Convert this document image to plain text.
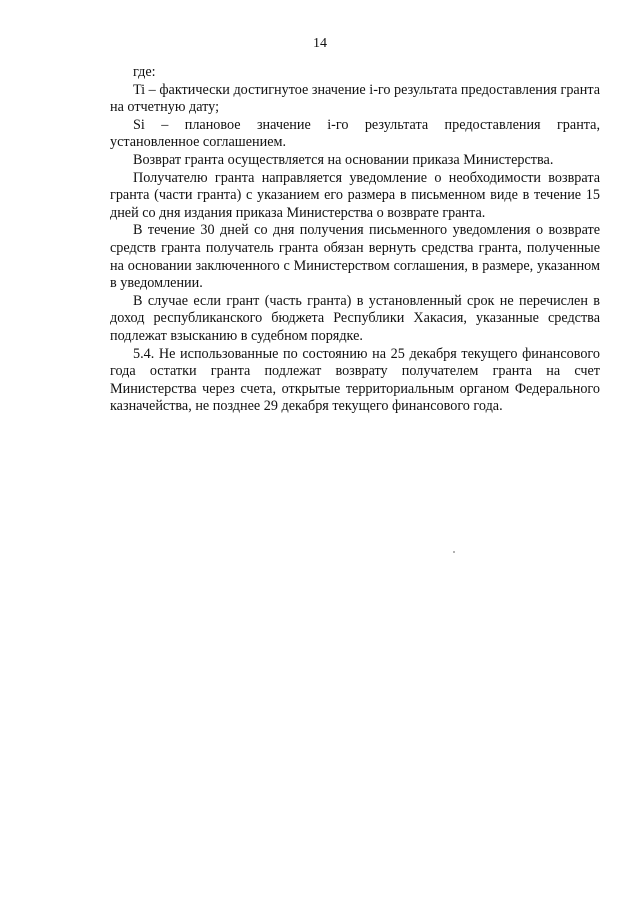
14

где:

Ti – фактически достигнутое значение i-го результата предоставления гранта на отчетную дату;

Si – плановое значение i-го результата предоставления гранта, установленное соглашением.

Возврат гранта осуществляется на основании приказа Министерства.

Получателю гранта направляется уведомление о необходимости возврата гранта (части гранта) с указанием его размера в письменном виде в течение 15 дней со дня издания приказа Министерства о возврате гранта.

В течение 30 дней со дня получения письменного уведомления о возврате средств гранта получатель гранта обязан вернуть средства гранта, полученные на основании заключенного с Министерством соглашения, в размере, указанном в уведомлении.

В случае если грант (часть гранта) в установленный срок не перечислен в доход республиканского бюджета Республики Хакасия, указанные средства подлежат взысканию в судебном порядке.

5.4. Не использованные по состоянию на 25 декабря текущего финансового года остатки гранта подлежат возврату получателем гранта на счет Министерства через счета, открытые территориальным органом Федерального казначейства, не позднее 29 декабря текущего финансового года.
